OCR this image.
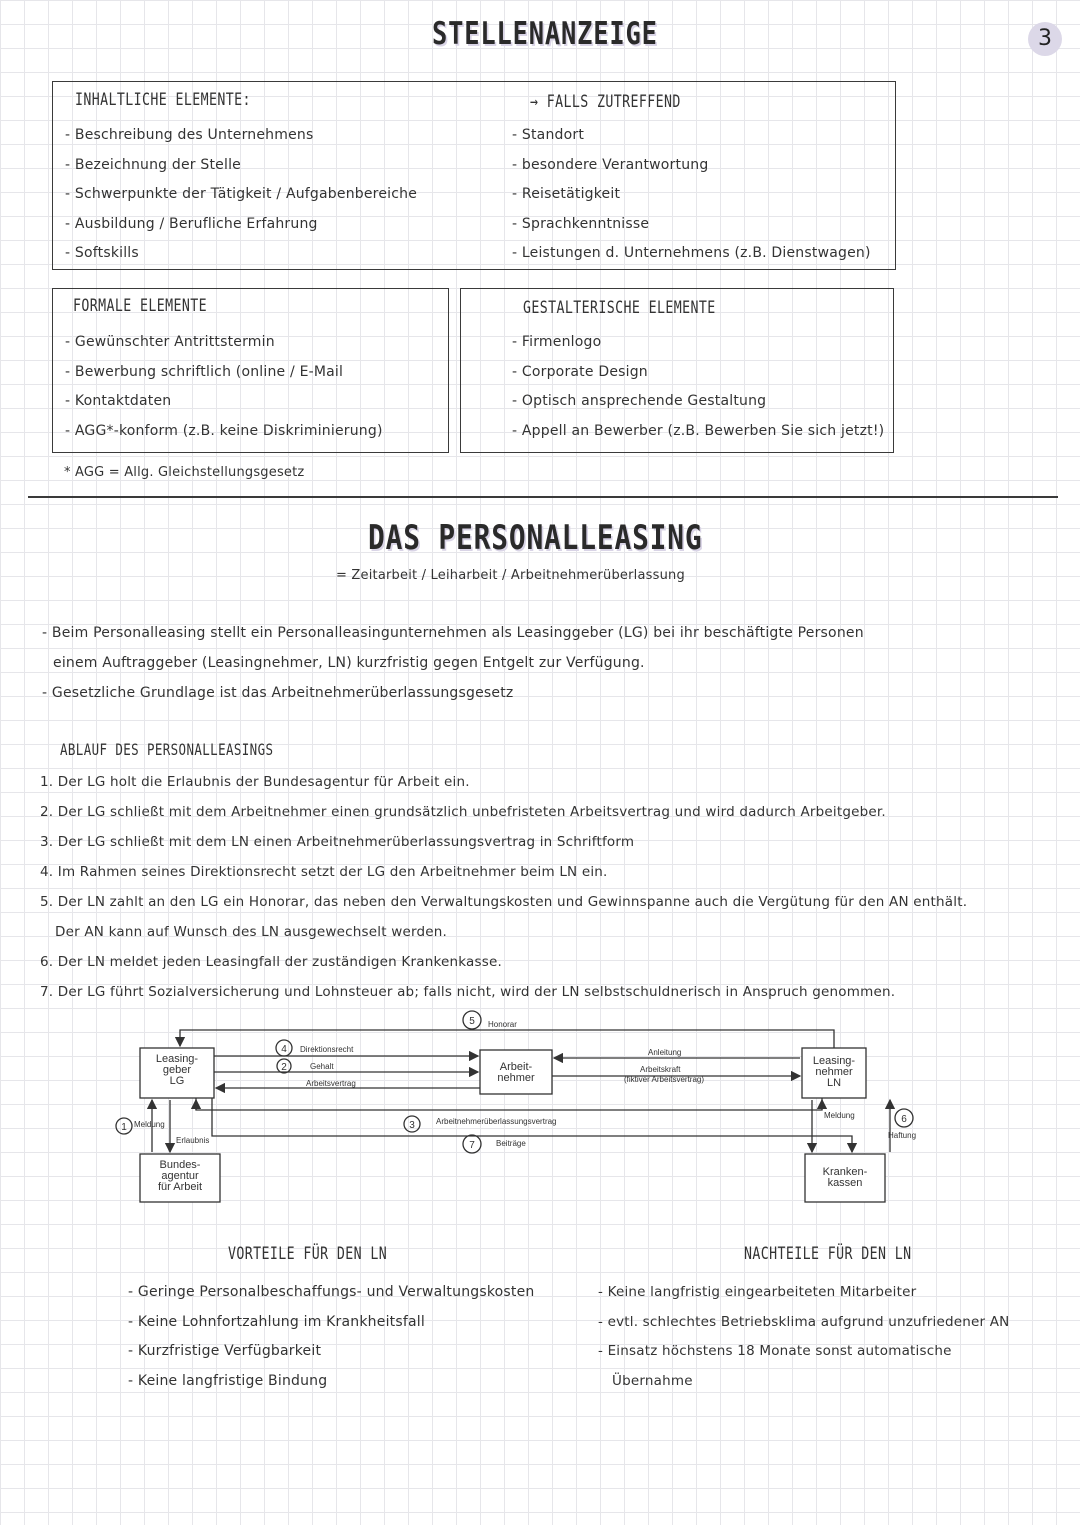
STELLENANZEIGE	3
INHALTLICHE ELEMENTE:

- Beschreibung des Unternehmens

- Bezeichnung der Stelle

- Schwerpunkte der Tätigkeit / Aufgabenbereiche

- Ausbildung / Berufliche Erfahrung

- Softskills

→ FALLS ZUTREFFEND

- Standort

- besondere Verantwortung

- Reisetätigkeit

- Sprachkenntnisse

- Leistungen d. Unternehmens (z.B. Dienstwagen)

FORMALE ELEMENTE

- Gewünschter Antrittstermin

- Bewerbung schriftlich (online / E-Mail

- Kontaktdaten

- AGG*-konform (z.B. keine Diskriminierung)

GESTALTERISCHE ELEMENTE

- Firmenlogo

- Corporate Design

- Optisch ansprechende Gestaltung

- Appell an Bewerber (z.B. Bewerben Sie sich jetzt!)

* AGG = Allg. Gleichstellungsgesetz
DAS PERSONALLEASING
= Zeitarbeit / Leiharbeit / Arbeitnehmerüberlassung
- Beim Personalleasing stellt ein Personalleasingunternehmen als Leasinggeber (LG) bei ihr beschäftigte Personen
einem Auftraggeber (Leasingnehmer, LN) kurzfristig gegen Entgelt zur Verfügung.
- Gesetzliche Grundlage ist das Arbeitnehmerüberlassungsgesetz
ABLAUF DES PERSONALLEASINGS
1. Der LG holt die Erlaubnis der Bundesagentur für Arbeit ein.
2. Der LG schließt mit dem Arbeitnehmer einen grundsätzlich unbefristeten Arbeitsvertrag und wird dadurch Arbeitgeber.
3. Der LG schließt mit dem LN einen Arbeitnehmerüberlassungsvertrag in Schriftform
4. Im Rahmen seines Direktionsrecht setzt der LG den Arbeitnehmer beim LN ein.
5. Der LN zahlt an den LG ein Honorar, das neben den Verwaltungskosten und Gewinnspanne auch die Vergütung für den AN enthält.
Der AN kann auf Wunsch des LN ausgewechselt werden.
6. Der LN meldet jeden Leasingfall der zuständigen Krankenkasse.
7. Der LG führt Sozialversicherung und Lohnsteuer ab; falls nicht, wird der LN selbstschuldnerisch in Anspruch genommen.
Leasing-
geber
LG
Arbeit-
nehmer
Leasing-
nehmer
LN
Bundes-
agentur
für Arbeit
Kranken-
kassen
Honorar
Direktionsrecht
Gehalt
Arbeitsvertrag
Anleitung
Arbeitskraft
(fiktiver Arbeitsvertrag)
Meldung
Erlaubnis
Arbeitnehmerüberlassungsvertrag
Beiträge
Meldung
Haftung
1
2
3
4
5
6
7
VORTEILE FÜR DEN LN

- Geringe Personalbeschaffungs- und Verwaltungskosten

- Keine Lohnfortzahlung im Krankheitsfall

- Kurzfristige Verfügbarkeit

- Keine langfristige Bindung

NACHTEILE FÜR DEN LN

- Keine langfristig eingearbeiteten Mitarbeiter

- evtl. schlechtes Betriebsklima aufgrund unzufriedener AN

- Einsatz höchstens 18 Monate sonst automatische

Übernahme
